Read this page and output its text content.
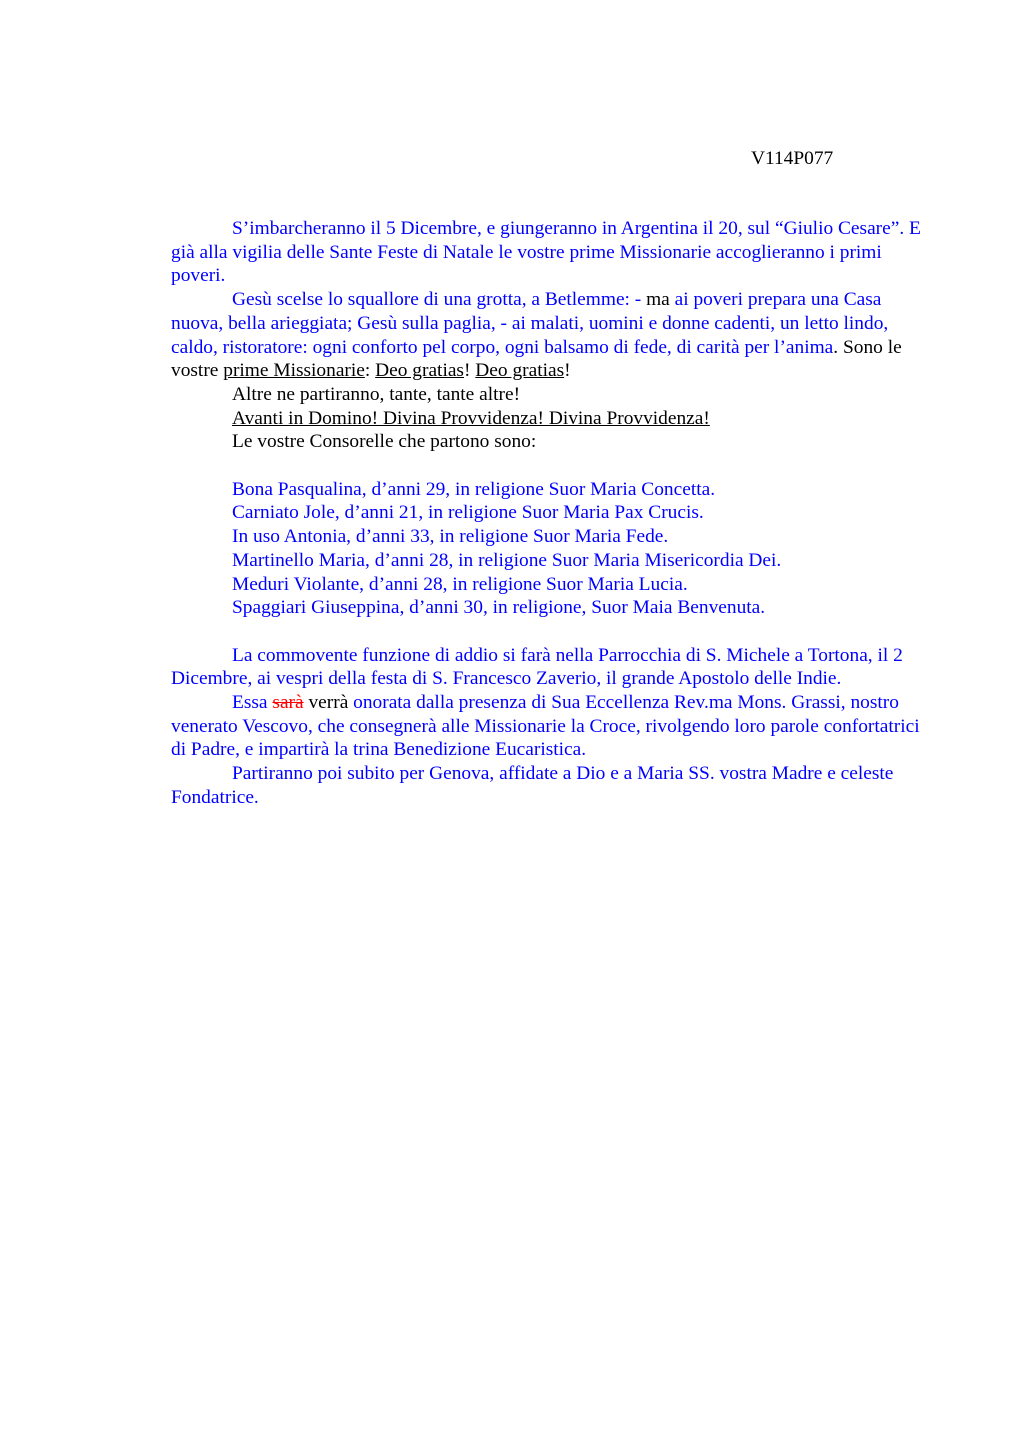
V114P077

S’imbarcheranno il 5 Dicembre, e giungeranno in Argentina il 20, sul “Giulio Cesare”. E già alla vigilia delle Sante Feste di Natale le vostre prime Missionarie accoglieranno i primi poveri.

Gesù scelse lo squallore di una grotta, a Betlemme: - ma ai poveri prepara una Casa nuova, bella arieggiata; Gesù sulla paglia, - ai malati, uomini e donne cadenti, un letto lindo, caldo, ristoratore: ogni conforto pel corpo, ogni balsamo di fede, di carità per l’anima. Sono le vostre prime Missionarie: Deo gratias! Deo gratias!

Altre ne partiranno, tante, tante altre!

Avanti in Domino! Divina Provvidenza! Divina Provvidenza!

Le vostre Consorelle che partono sono:

Bona Pasqualina, d’anni 29, in religione Suor Maria Concetta.

Carniato Jole, d’anni 21, in religione Suor Maria Pax Crucis.

In uso Antonia, d’anni 33, in religione Suor Maria Fede.

Martinello Maria, d’anni 28, in religione Suor Maria Misericordia Dei.

Meduri Violante, d’anni 28, in religione Suor Maria Lucia.

Spaggiari Giuseppina, d’anni 30, in religione, Suor Maia Benvenuta.

La commovente funzione di addio si farà nella Parrocchia di S. Michele a Tortona, il 2 Dicembre, ai vespri della festa di S. Francesco Zaverio, il grande Apostolo delle Indie.

Essa sarà verrà onorata dalla presenza di Sua Eccellenza Rev.ma Mons. Grassi, nostro venerato Vescovo, che consegnerà alle Missionarie la Croce, rivolgendo loro parole confortatrici di Padre, e impartirà la trina Benedizione Eucaristica.

Partiranno poi subito per Genova, affidate a Dio e a Maria SS. vostra Madre e celeste Fondatrice.
